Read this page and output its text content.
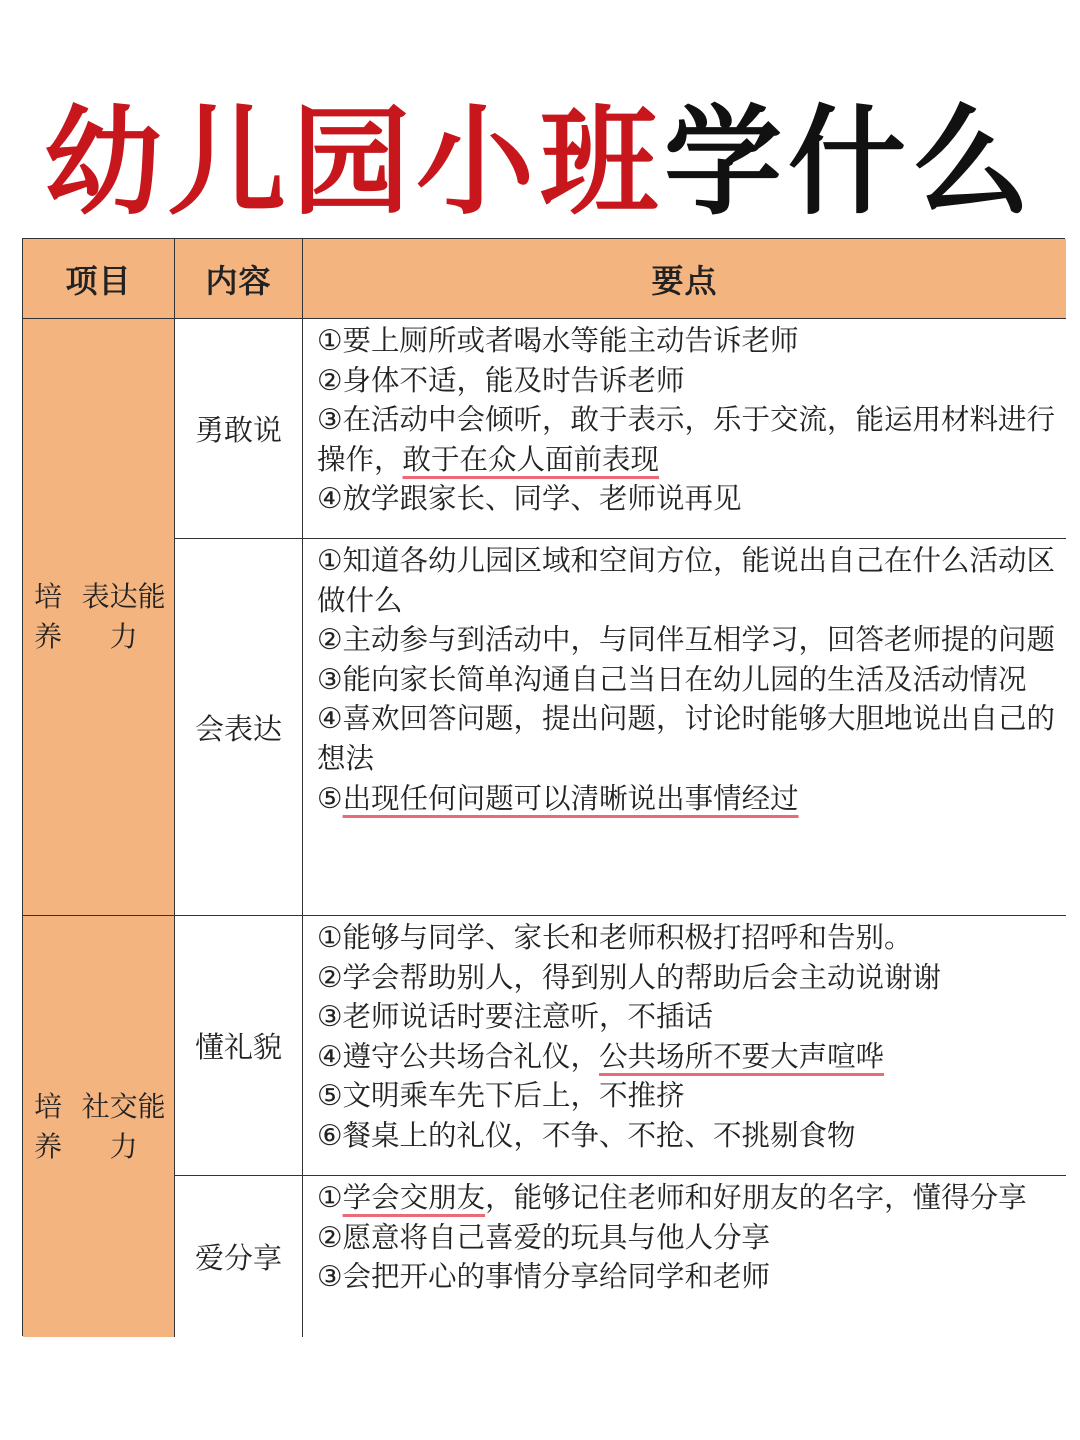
幼儿园小班学什么
项目	内容	要点
培养
表达能力
勇敢说
①要上厕所或者喝水等能主动告诉老师
②身体不适，能及时告诉老师
③在活动中会倾听，敢于表示，乐于交流，能运用材料进行操作，敢于在众人面前表现
④放学跟家长、同学、老师说再见
会表达
①知道各幼儿园区域和空间方位，能说出自己在什么活动区做什么
②主动参与到活动中，与同伴互相学习，回答老师提的问题
③能向家长简单沟通自己当日在幼儿园的生活及活动情况
④喜欢回答问题，提出问题，讨论时能够大胆地说出自己的想法
⑤出现任何问题可以清晰说出事情经过
培养
社交能力
懂礼貌
①能够与同学、家长和老师积极打招呼和告别。
②学会帮助别人，得到别人的帮助后会主动说谢谢
③老师说话时要注意听，不插话
④遵守公共场合礼仪，公共场所不要大声喧哗
⑤文明乘车先下后上，不推挤
⑥餐桌上的礼仪，不争、不抢、不挑剔食物
爱分享
①学会交朋友，能够记住老师和好朋友的名字，懂得分享
②愿意将自己喜爱的玩具与他人分享
③会把开心的事情分享给同学和老师
